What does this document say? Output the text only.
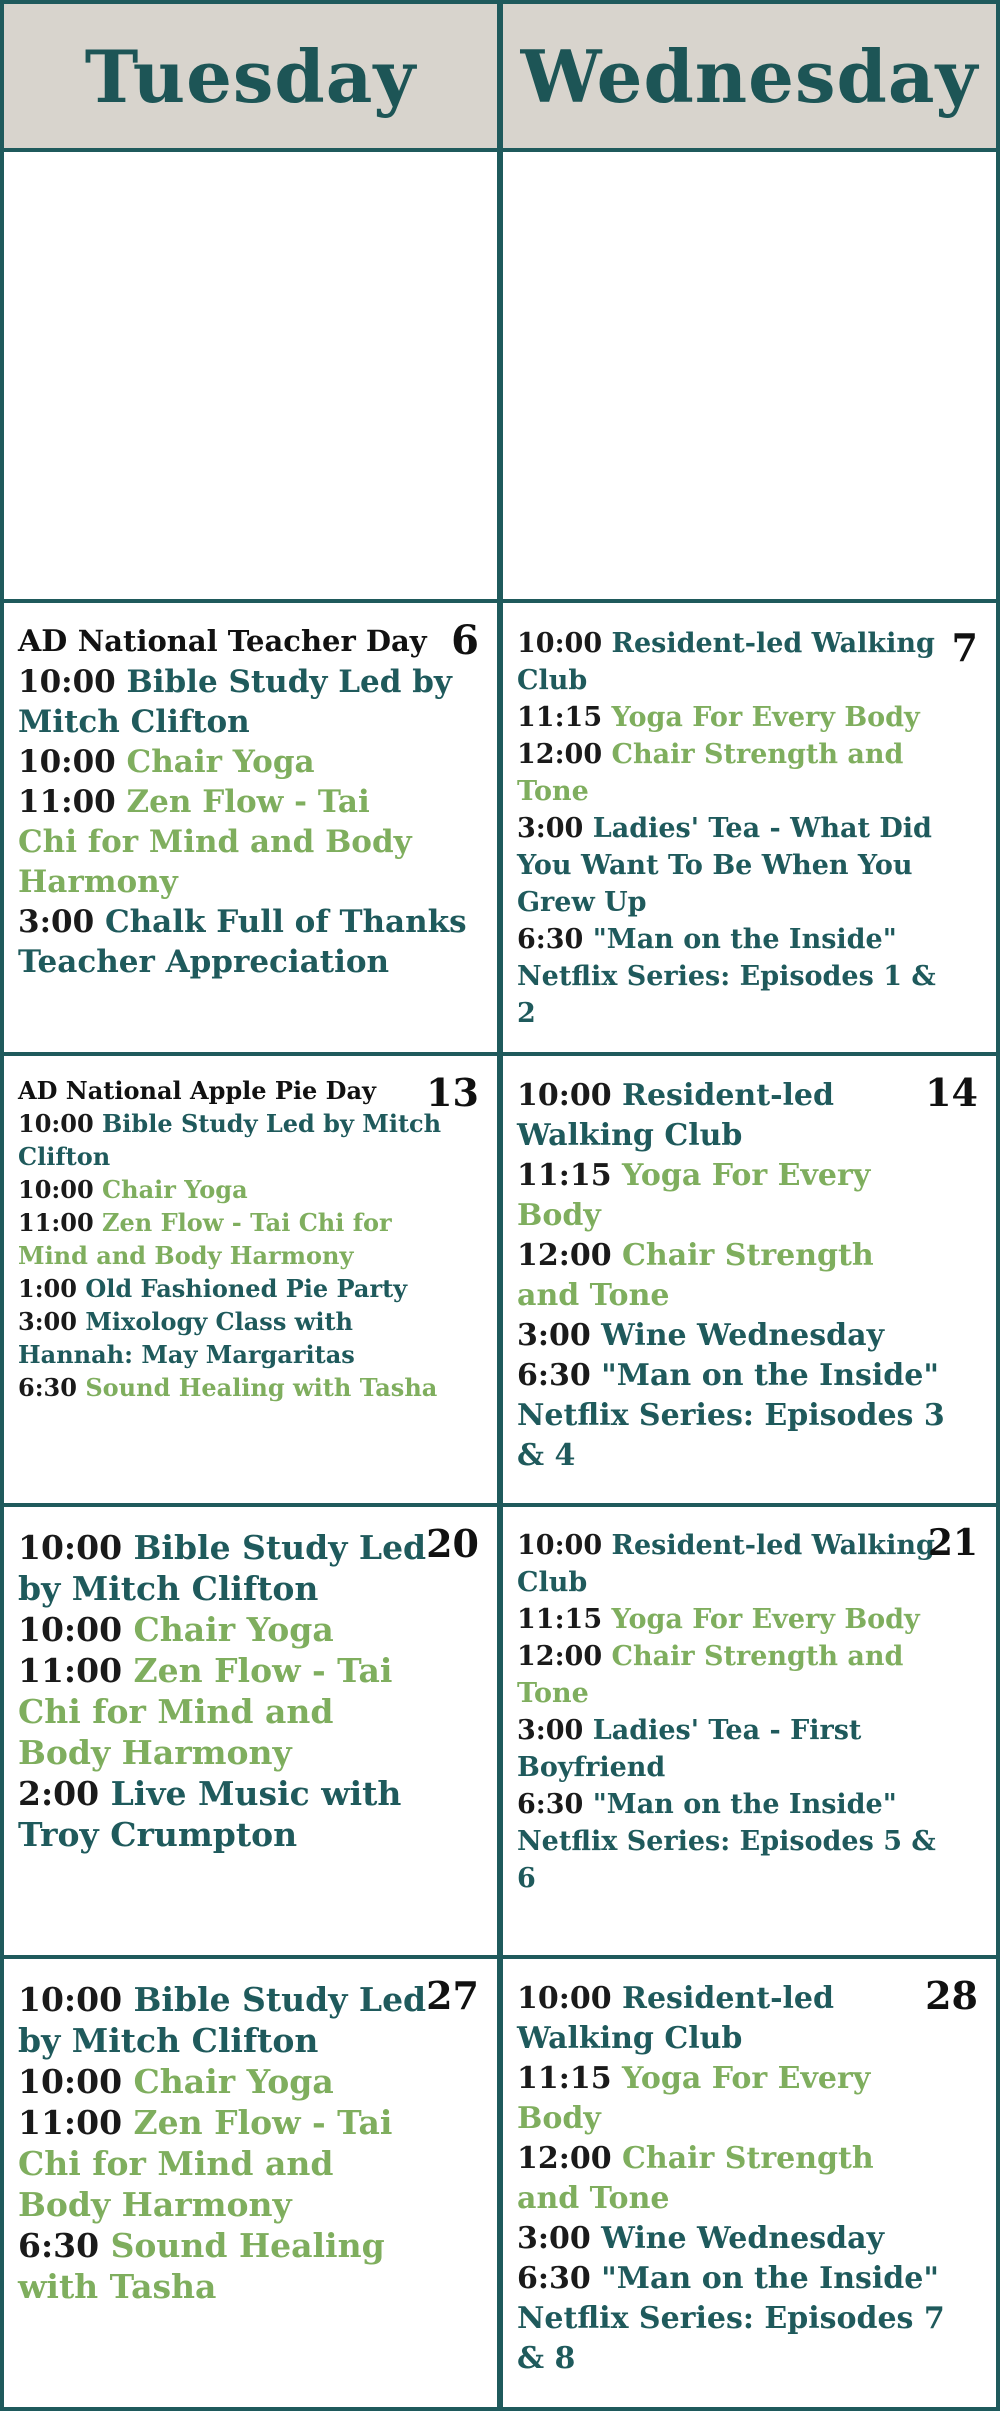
Tuesday Wednesday
6
AD National Teacher Day
10:00 Bible Study Led by Mitch Clifton
10:00 Chair Yoga
11:00 Zen Flow - Tai Chi for Mind and Body Harmony
3:00 Chalk Full of Thanks Teacher Appreciation
7
10:00 Resident-led Walking Club
11:15 Yoga For Every Body
12:00 Chair Strength and Tone
3:00 Ladies' Tea - What Did You Want To Be When You Grew Up
6:30 "Man on the Inside" Netflix Series: Episodes 1 & 2
13
AD National Apple Pie Day
10:00 Bible Study Led by Mitch Clifton
10:00 Chair Yoga
11:00 Zen Flow - Tai Chi for Mind and Body Harmony
1:00 Old Fashioned Pie Party
3:00 Mixology Class with Hannah: May Margaritas
6:30 Sound Healing with Tasha
14
10:00 Resident-led Walking Club
11:15 Yoga For Every Body
12:00 Chair Strength and Tone
3:00 Wine Wednesday
6:30 "Man on the Inside" Netflix Series: Episodes 3 & 4
20
10:00 Bible Study Led by Mitch Clifton
10:00 Chair Yoga
11:00 Zen Flow - Tai Chi for Mind and Body Harmony
2:00 Live Music with Troy Crumpton
21
10:00 Resident-led Walking Club
11:15 Yoga For Every Body
12:00 Chair Strength and Tone
3:00 Ladies' Tea - First Boyfriend
6:30 "Man on the Inside" Netflix Series: Episodes 5 & 6
27
10:00 Bible Study Led by Mitch Clifton
10:00 Chair Yoga
11:00 Zen Flow - Tai Chi for Mind and Body Harmony
6:30 Sound Healing with Tasha
28
10:00 Resident-led Walking Club
11:15 Yoga For Every Body
12:00 Chair Strength and Tone
3:00 Wine Wednesday
6:30 "Man on the Inside" Netflix Series: Episodes 7 & 8
